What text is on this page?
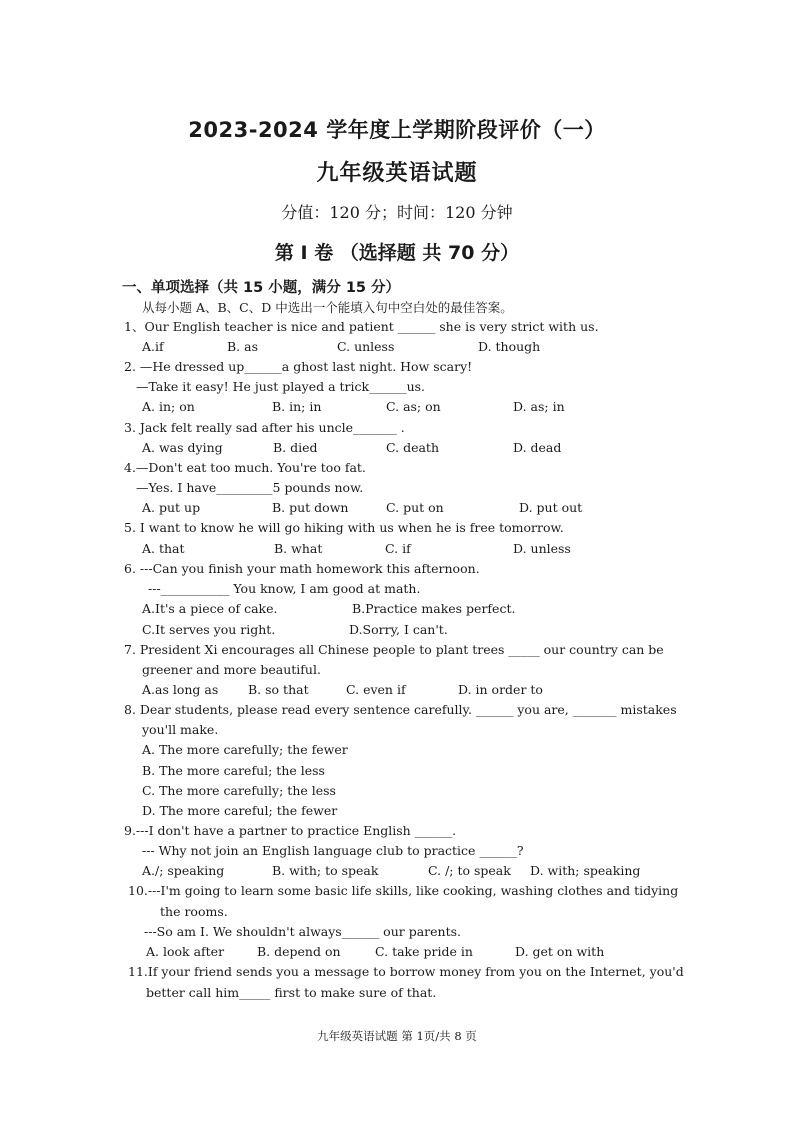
2023-2024 学年度上学期阶段评价（一）
九年级英语试题
分值：120 分；时间：120 分钟
第 I 卷 （选择题 共 70 分）
一、单项选择（共 15 小题，满分 15 分）
从每小题 A、B、C、D 中选出一个能填入句中空白处的最佳答案。
1、Our English teacher is nice and patient ______ she is very strict with us.
A.if	B. as	C. unless	D. though
2. —He dressed up______a ghost last night. How scary!
—Take it easy! He just played a trick______us.
A. in; on	B. in; in	C. as; on	D. as; in
3. Jack felt really sad after his uncle_______ .
A. was dying	B. died	C. death	D. dead
4.—Don't eat too much. You're too fat.
—Yes. I have_________5 pounds now.
A. put up	B. put down	C. put on	D. put out
5. I want to know he will go hiking with us when he is free tomorrow.
A. that	B. what	C. if	D. unless
6. ---Can you finish your math homework this afternoon.
---___________ You know, I am good at math.
A.It's a piece of cake.	B.Practice makes perfect.
C.It serves you right.	D.Sorry, I can't.
7. President Xi encourages all Chinese people to plant trees _____ our country can be
greener and more beautiful.
A.as long as B. so that	C. even if	D. in order to
8. Dear students, please read every sentence carefully. ______ you are, _______ mistakes
you'll make.
A. The more carefully; the fewer
B. The more careful; the less
C. The more carefully; the less
D. The more careful; the fewer
9.---I don't have a partner to practice English ______.
--- Why not join an English language club to practice ______?
A./; speaking	B. with; to speak	C. /; to speak D. with; speaking
10.---I'm going to learn some basic life skills, like cooking, washing clothes and tidying
the rooms.
---So am I. We shouldn't always______ our parents.
A. look after	B. depend on	C. take pride in	D. get on with
11.If your friend sends you a message to borrow money from you on the Internet, you'd
better call him_____ first to make sure of that.
九年级英语试题 第 1页/共 8 页
